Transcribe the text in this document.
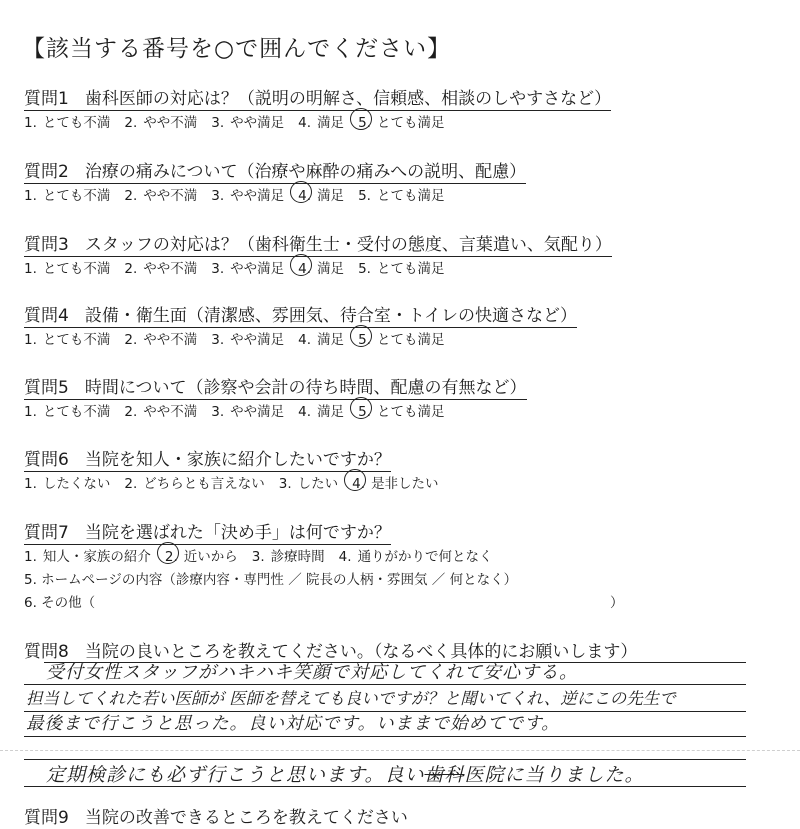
【該当する番号を○で囲んでください】
質問1 歯科医師の対応は？（説明の明解さ、信頼感、相談のしやすさなど）
1. とても不満 2. やや不満 3. やや満足 4. 満足 5. とても満足
質問2 治療の痛みについて（治療や麻酔の痛みへの説明、配慮）
1. とても不満 2. やや不満 3. やや満足 4. 満足 5. とても満足
質問3 スタッフの対応は？（歯科衛生士・受付の態度、言葉遣い、気配り）
1. とても不満 2. やや不満 3. やや満足 4. 満足 5. とても満足
質問4 設備・衛生面（清潔感、雰囲気、待合室・トイレの快適さなど）
1. とても不満 2. やや不満 3. やや満足 4. 満足 5. とても満足
質問5 時間について（診察や会計の待ち時間、配慮の有無など）
1. とても不満 2. やや不満 3. やや満足 4. 満足 5. とても満足
質問6 当院を知人・家族に紹介したいですか？
1. したくない 2. どちらとも言えない 3. したい 4. 是非したい
質問7 当院を選ばれた「決め手」は何ですか？
1. 知人・家族の紹介 2. 近いから 3. 診療時間 4. 通りがかりで何となく
5. ホームページの内容（診療内容・専門性 ／ 院長の人柄・雰囲気 ／ 何となく）
6. その他（	）
質問8 当院の良いところを教えてください。（なるべく具体的にお願いします）
受付女性スタッフがハキハキ笑顔で対応してくれて安心する。
担当してくれた若い医師が 医師を替えても良いですが？と聞いてくれ、逆にこの先生で
最後まで行こうと思った。良い対応です。いままで始めてです。
定期検診にも必ず行こうと思います。良い歯科医院に当りました。
質問9 当院の改善できるところを教えてください
